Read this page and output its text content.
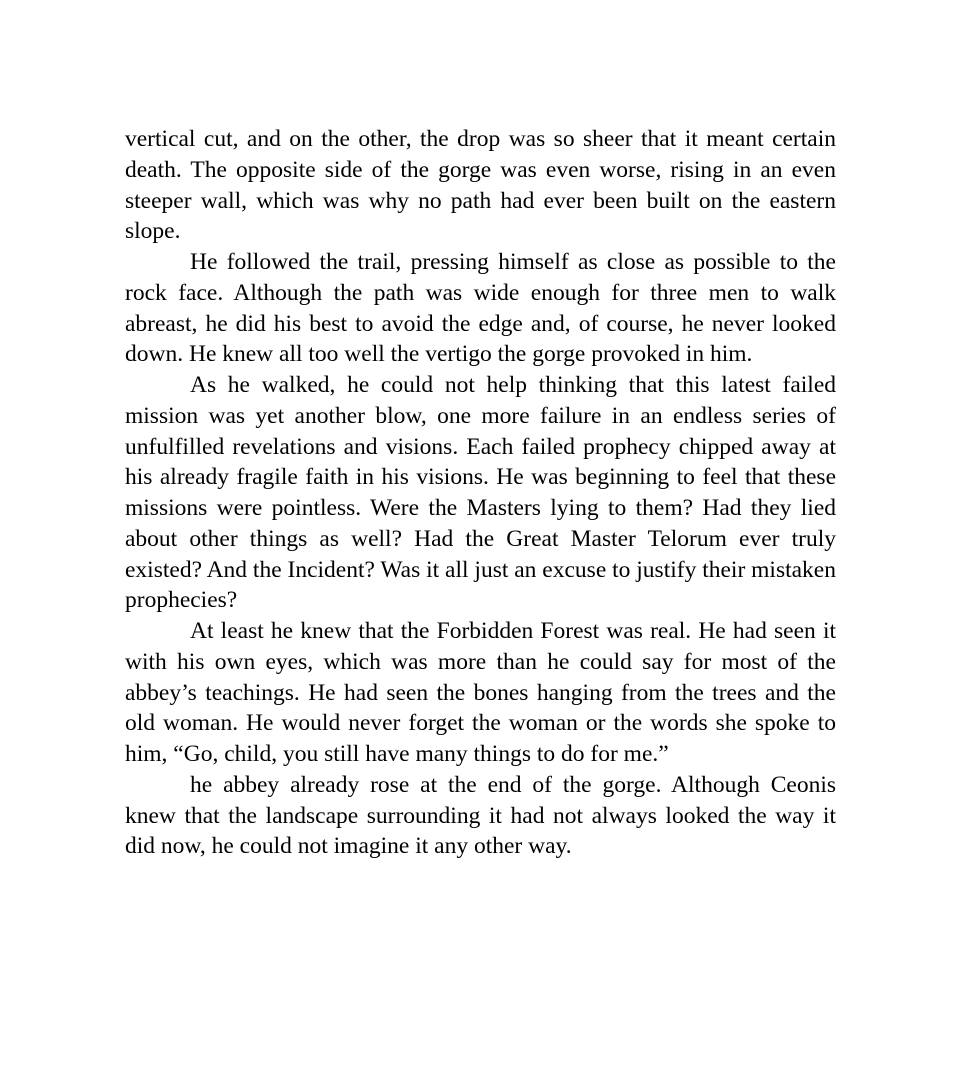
vertical cut, and on the other, the drop was so sheer that it meant certain death. The opposite side of the gorge was even worse, rising in an even steeper wall, which was why no path had ever been built on the eastern slope.

He followed the trail, pressing himself as close as possible to the rock face. Although the path was wide enough for three men to walk abreast, he did his best to avoid the edge and, of course, he never looked down. He knew all too well the vertigo the gorge provoked in him.

As he walked, he could not help thinking that this latest failed mission was yet another blow, one more failure in an endless series of unfulfilled revelations and visions. Each failed prophecy chipped away at his already fragile faith in his visions. He was beginning to feel that these missions were pointless. Were the Masters lying to them? Had they lied about other things as well? Had the Great Master Telorum ever truly existed? And the Incident? Was it all just an excuse to justify their mistaken prophecies?

At least he knew that the Forbidden Forest was real. He had seen it with his own eyes, which was more than he could say for most of the abbey’s teachings. He had seen the bones hanging from the trees and the old woman. He would never forget the woman or the words she spoke to him, “Go, child, you still have many things to do for me.”

he abbey already rose at the end of the gorge. Although Ceonis knew that the landscape surrounding it had not always looked the way it did now, he could not imagine it any other way.
